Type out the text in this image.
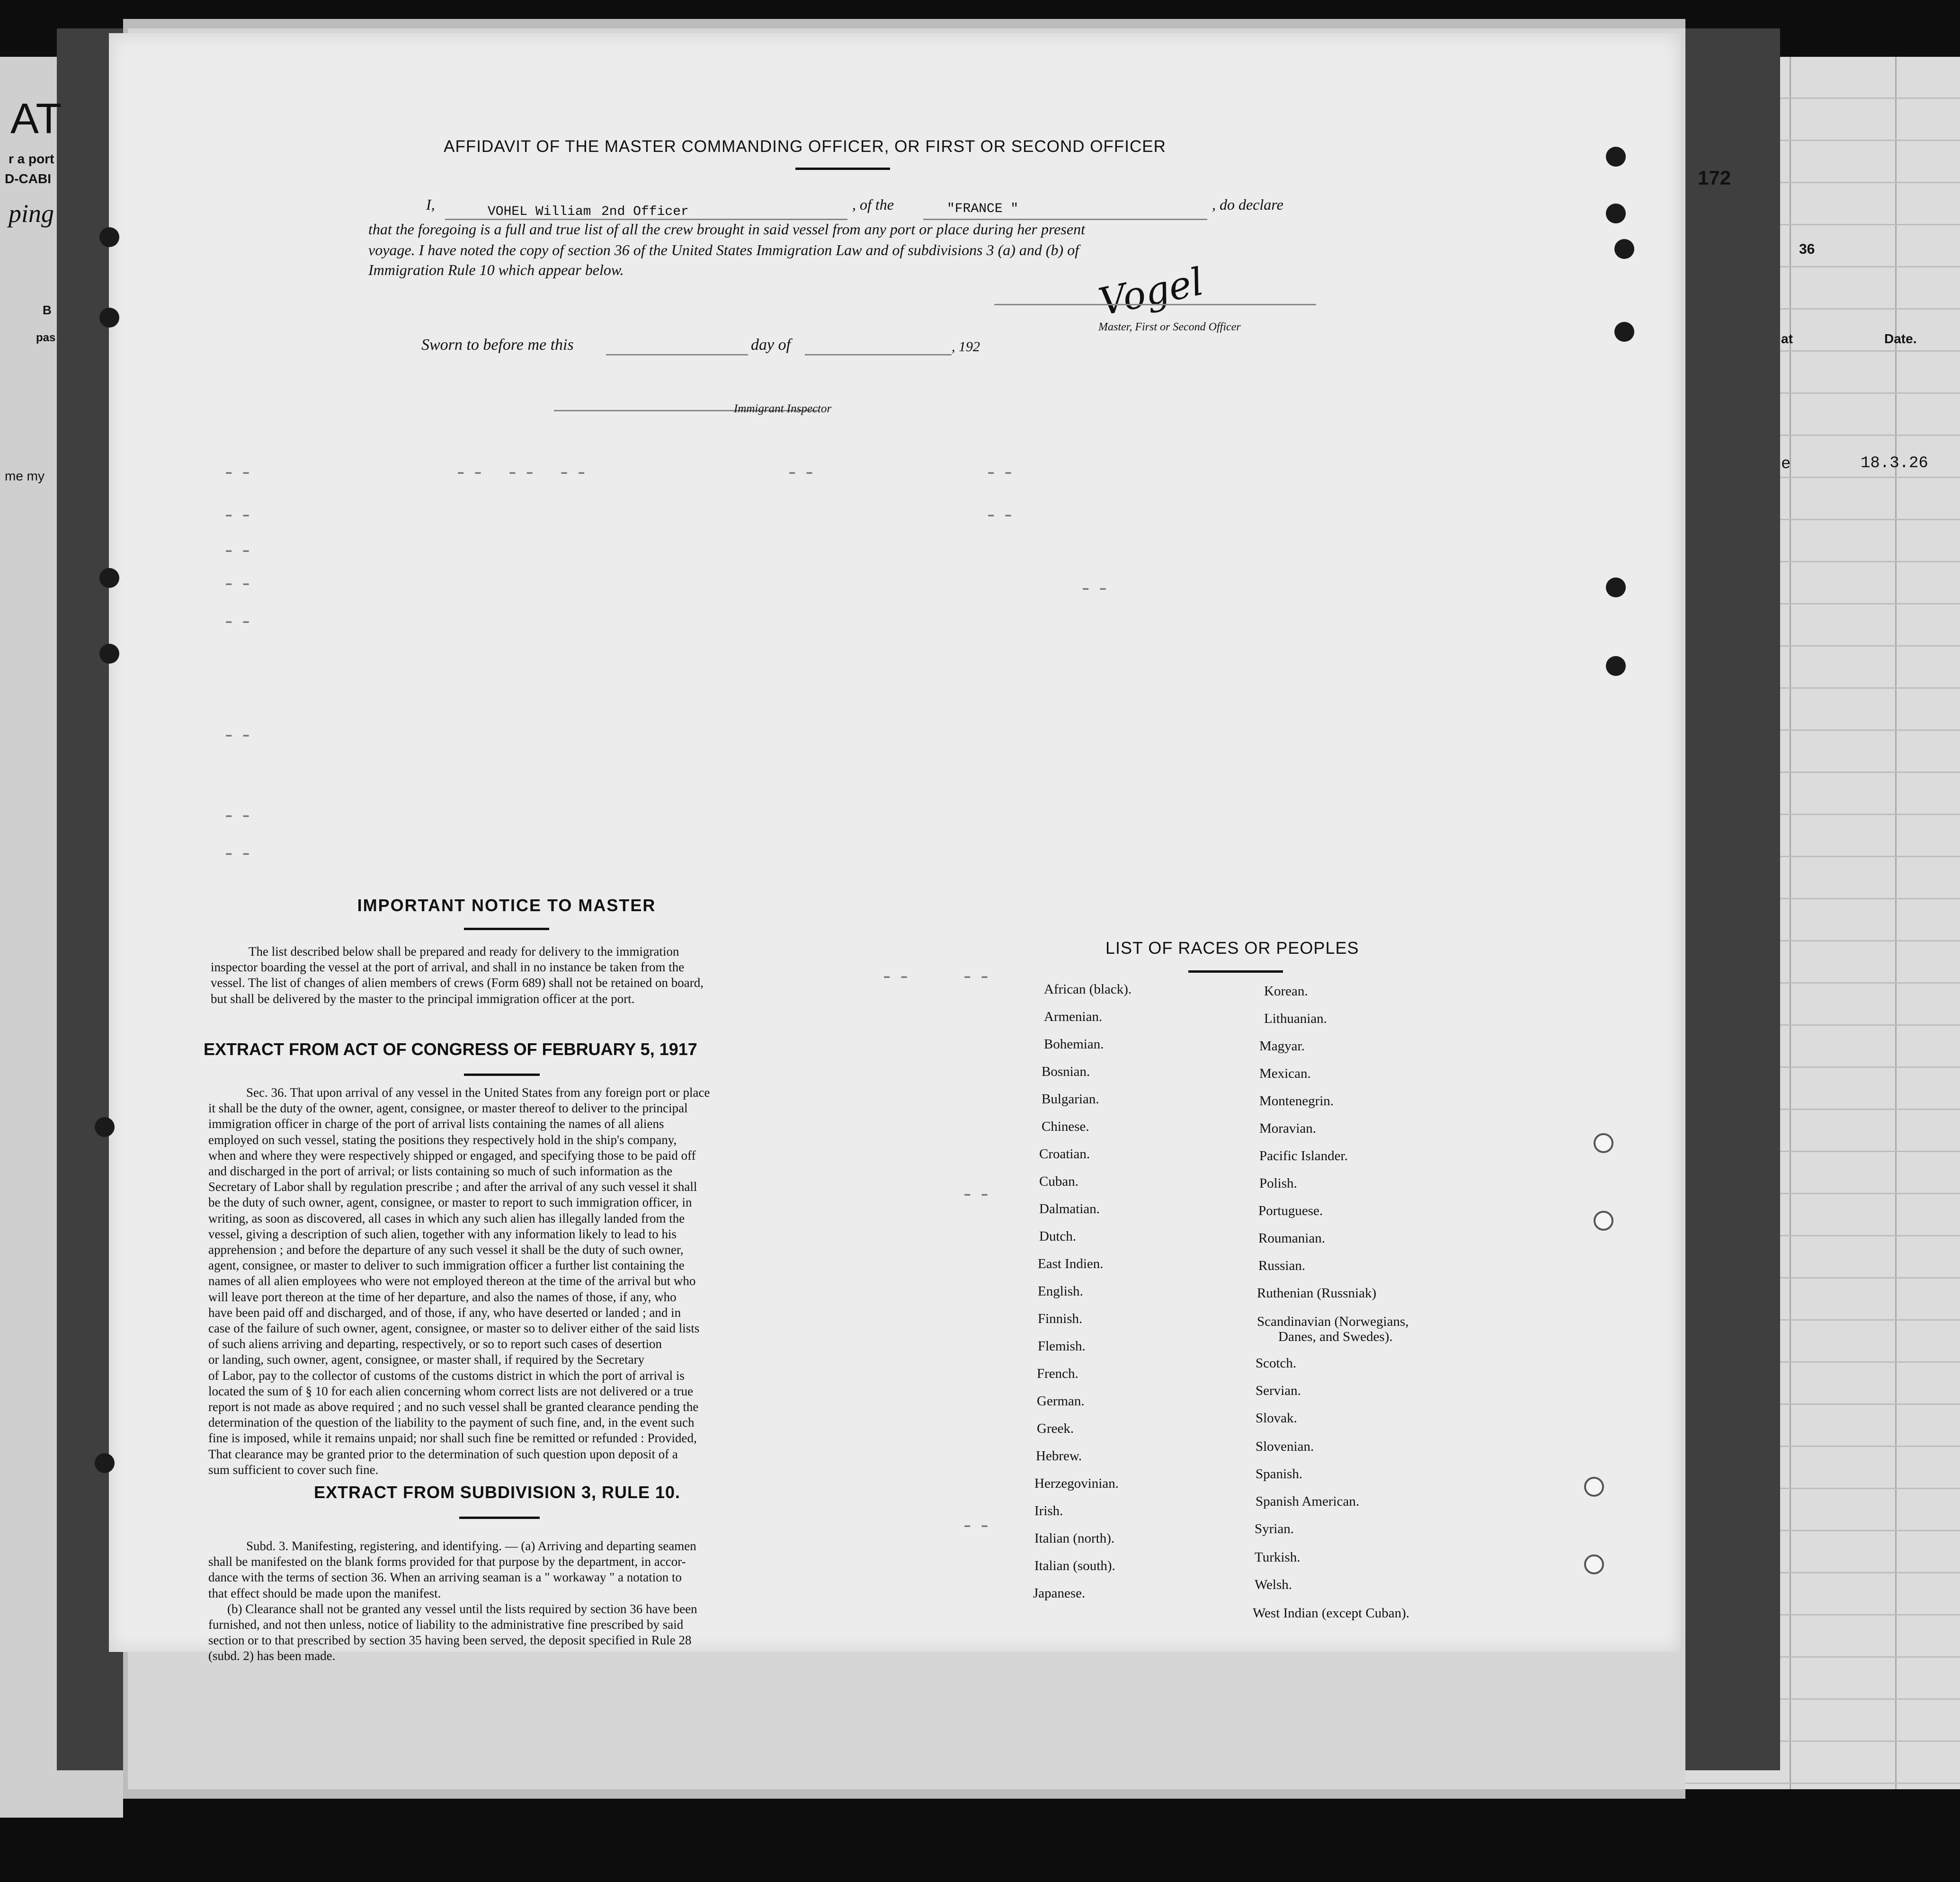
36
at	Date.
e	18.3.26
AT
r a port
D-CABI
ping
B
pas
me my
172
AFFIDAVIT OF THE MASTER COMMANDING OFFICER, OR FIRST OR SECOND OFFICER
I,	VOHEL William 2nd Officer	, of the	"FRANCE "	, do declare
that the foregoing is a full and true list of all the crew brought in said vessel from any port or place during her present
voyage. I have noted the copy of section 36 of the United States Immigration Law and of subdivisions 3 (a) and (b) of
Immigration Rule 10 which appear below.	Vogel
Master, First or Second Officer
Sworn to before me this	day of	, 192
Immigrant Inspector
--
--
--
--
--
--
--
--
-- -- --	--	--
--
--
-- --
--
--
IMPORTANT NOTICE TO MASTER
The list described below shall be prepared and ready for delivery to the immigration
inspector boarding the vessel at the port of arrival, and shall in no instance be taken from the
vessel. The list of changes of alien members of crews (Form 689) shall not be retained on board,
but shall be delivered by the master to the principal immigration officer at the port.
EXTRACT FROM ACT OF CONGRESS OF FEBRUARY 5, 1917
Sec. 36. That upon arrival of any vessel in the United States from any foreign port or place
it shall be the duty of the owner, agent, consignee, or master thereof to deliver to the principal
immigration officer in charge of the port of arrival lists containing the names of all aliens
employed on such vessel, stating the positions they respectively hold in the ship's company,
when and where they were respectively shipped or engaged, and specifying those to be paid off
and discharged in the port of arrival; or lists containing so much of such information as the
Secretary of Labor shall by regulation prescribe ; and after the arrival of any such vessel it shall
be the duty of such owner, agent, consignee, or master to report to such immigration officer, in
writing, as soon as discovered, all cases in which any such alien has illegally landed from the
vessel, giving a description of such alien, together with any information likely to lead to his
apprehension ; and before the departure of any such vessel it shall be the duty of such owner,
agent, consignee, or master to deliver to such immigration officer a further list containing the
names of all alien employees who were not employed thereon at the time of the arrival but who
will leave port thereon at the time of her departure, and also the names of those, if any, who
have been paid off and discharged, and of those, if any, who have deserted or landed ; and in
case of the failure of such owner, agent, consignee, or master so to deliver either of the said lists
of such aliens arriving and departing, respectively, or so to report such cases of desertion
or landing, such owner, agent, consignee, or master shall, if required by the Secretary
of Labor, pay to the collector of customs of the customs district in which the port of arrival is
located the sum of § 10 for each alien concerning whom correct lists are not delivered or a true
report is not made as above required ; and no such vessel shall be granted clearance pending the
determination of the question of the liability to the payment of such fine, and, in the event such
fine is imposed, while it remains unpaid; nor shall such fine be remitted or refunded : Provided,
That clearance may be granted prior to the determination of such question upon deposit of a
sum sufficient to cover such fine.
EXTRACT FROM SUBDIVISION 3, RULE 10.
Subd. 3. Manifesting, registering, and identifying. — (a) Arriving and departing seamen
shall be manifested on the blank forms provided for that purpose by the department, in accor-
dance with the terms of section 36. When an arriving seaman is a " workaway " a notation to
that effect should be made upon the manifest.
(b) Clearance shall not be granted any vessel until the lists required by section 36 have been
furnished, and not then unless, notice of liability to the administrative fine prescribed by said
section or to that prescribed by section 35 having been served, the deposit specified in Rule 28
(subd. 2) has been made.
LIST OF RACES OR PEOPLES
African (black).
Armenian.
Bohemian.
Bosnian.
Bulgarian.
Chinese.
Croatian.
Cuban.
Dalmatian.
Dutch.
East Indien.
English.
Finnish.
Flemish.
French.
German.
Greek.
Hebrew.
Herzegovinian.
Irish.
Italian (north).
Italian (south).
Japanese.
Korean.
Lithuanian.
Magyar.
Mexican.
Montenegrin.
Moravian.
Pacific Islander.
Polish.
Portuguese.
Roumanian.
Russian.
Ruthenian (Russniak)
Scandinavian (Norwegians,
Danes, and Swedes).
Scotch.
Servian.
Slovak.
Slovenian.
Spanish.
Spanish American.
Syrian.
Turkish.
Welsh.
West Indian (except Cuban).
